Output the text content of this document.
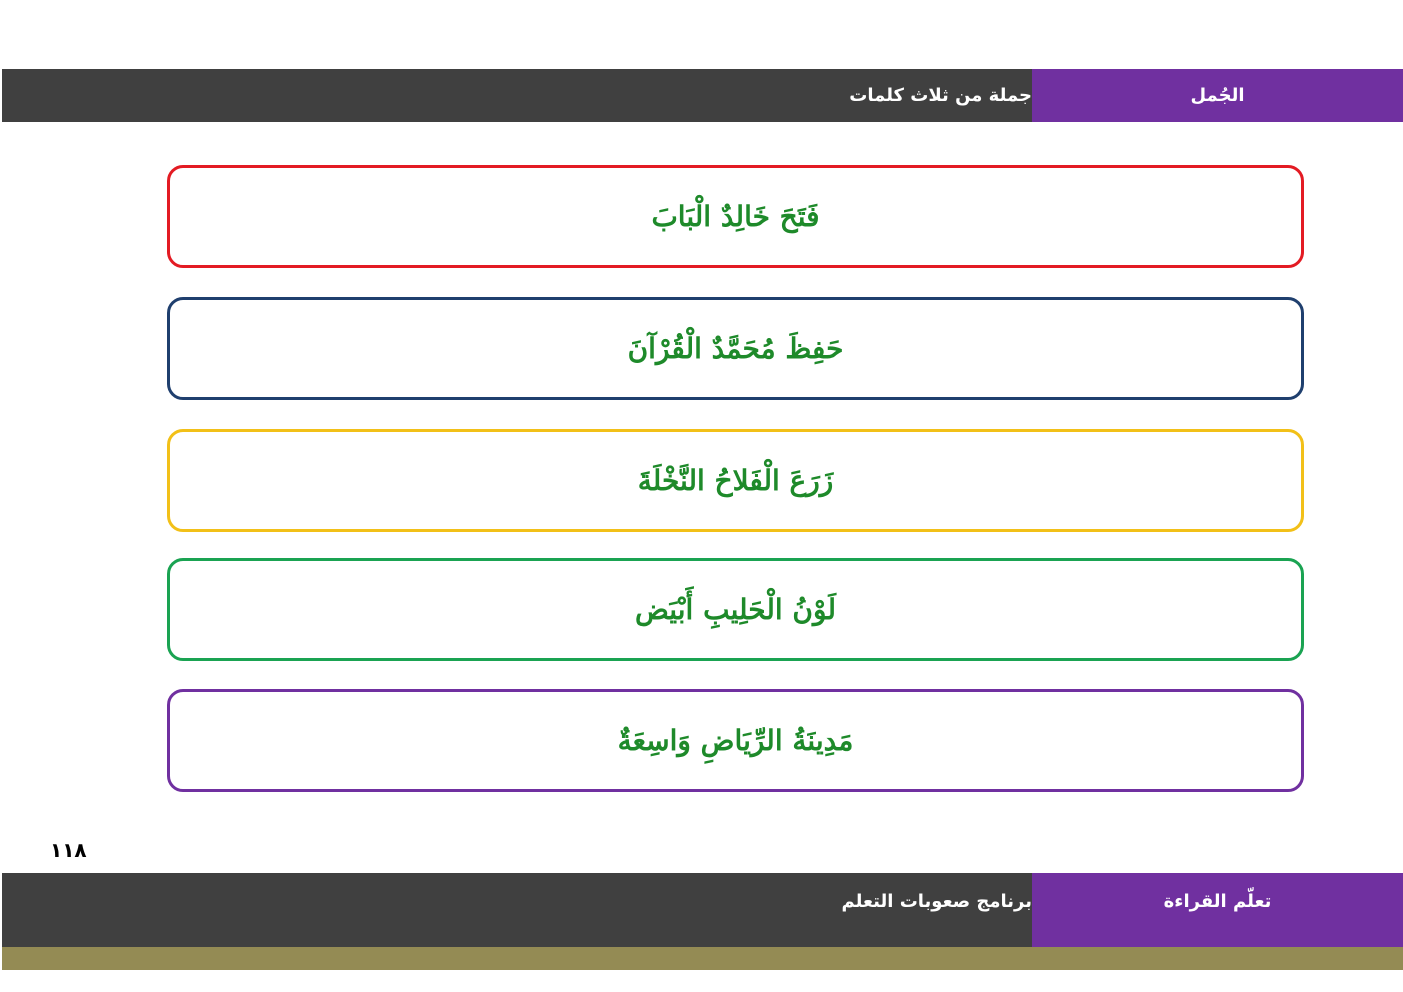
جملة من ثلاث كلمات	الجُمل
فَتَحَ خَالِدٌ الْبَابَ
حَفِظَ مُحَمَّدٌ الْقُرْآنَ
زَرَعَ الْفَلاحُ النَّخْلَةَ
لَوْنُ الْحَلِيبِ أَبْيَض
مَدِينَةُ الرِّيَاضِ وَاسِعَةٌ
١١٨
برنامج صعوبات التعلم	تعلّم القراءة
